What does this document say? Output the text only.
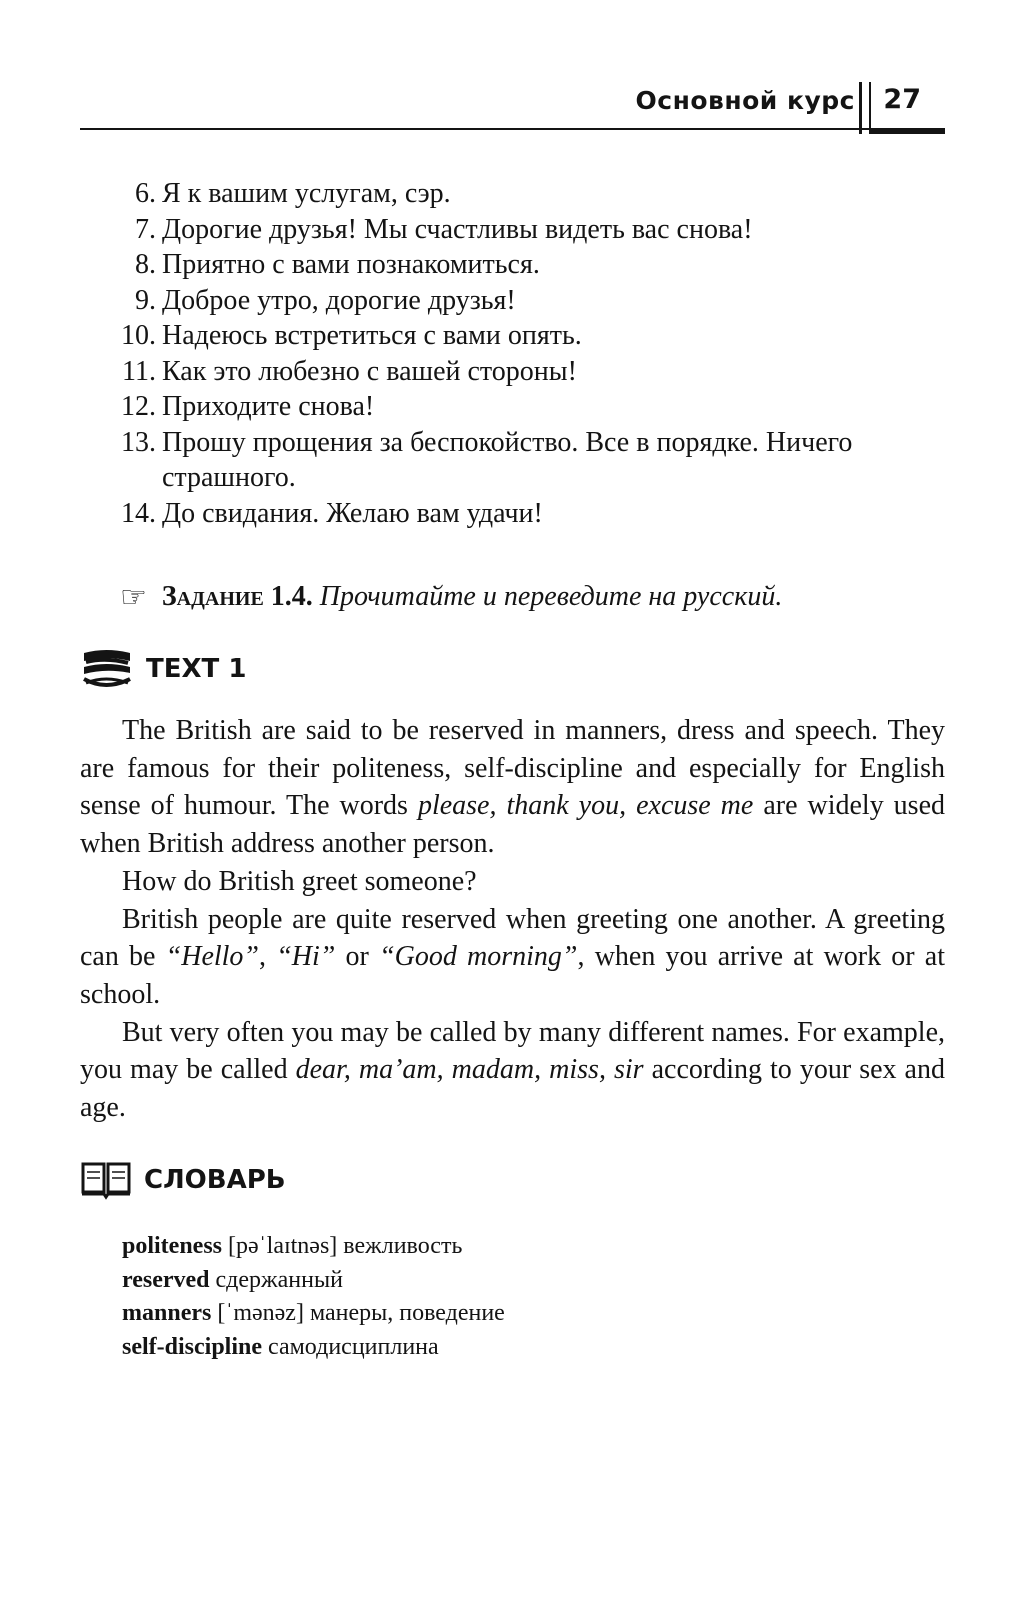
Основной курс 27
6. Я к вашим услугам, сэр.
7. Дорогие друзья! Мы счастливы видеть вас снова!
8. Приятно с вами познакомиться.
9. Доброе утро, дорогие друзья!
10. Надеюсь встретиться с вами опять.
11. Как это любезно с вашей стороны!
12. Приходите снова!
13. Прошу прощения за беспокойство. Все в порядке. Ничего страшного.
14. До свидания. Желаю вам удачи!
☞ Задание 1.4. Прочитайте и переведите на русский.
ТЕХТ 1

The British are said to be reserved in manners, dress and speech. They are famous for their politeness, self-discipline and especially for English sense of humour. The words please, thank you, excuse me are widely used when British address another person.

How do British greet someone?

British people are quite reserved when greeting one another. A greeting can be “Hello”, “Hi” or “Good morning”, when you arrive at work or at school.

But very often you may be called by many different names. For example, you may be called dear, ma’am, madam, miss, sir according to your sex and age.

СЛОВАРЬ
politeness [pəˈlaɪtnəs] вежливость
reserved сдержанный
manners [ˈmənəz] манеры, поведение
self-discipline самодисциплина
